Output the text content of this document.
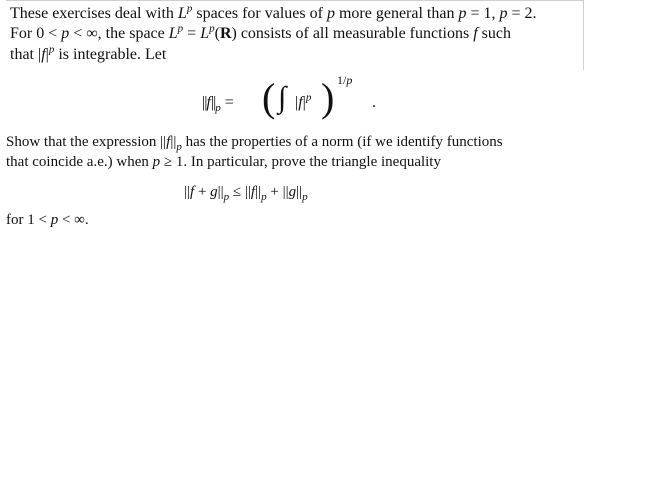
These exercises deal with $L^p$ spaces for values of p more general than p = 1, p = 2.
For 0 < p < ∞, the space $L^p = L^p(R)$ consists of all measurable functions f such
that $|f|^p$ is integrable. Let
$||f||_p$ = ( ∫ $|f|^p$ ) 1/p
.
Show that the expression $||f||_p$ has the properties of a norm (if we identify functions
that coincide a.e.) when p ≥ 1. In particular, prove the triangle inequality
$||f + g||_p \le ||f||_p + ||g||_p$
for 1 < p < ∞.
